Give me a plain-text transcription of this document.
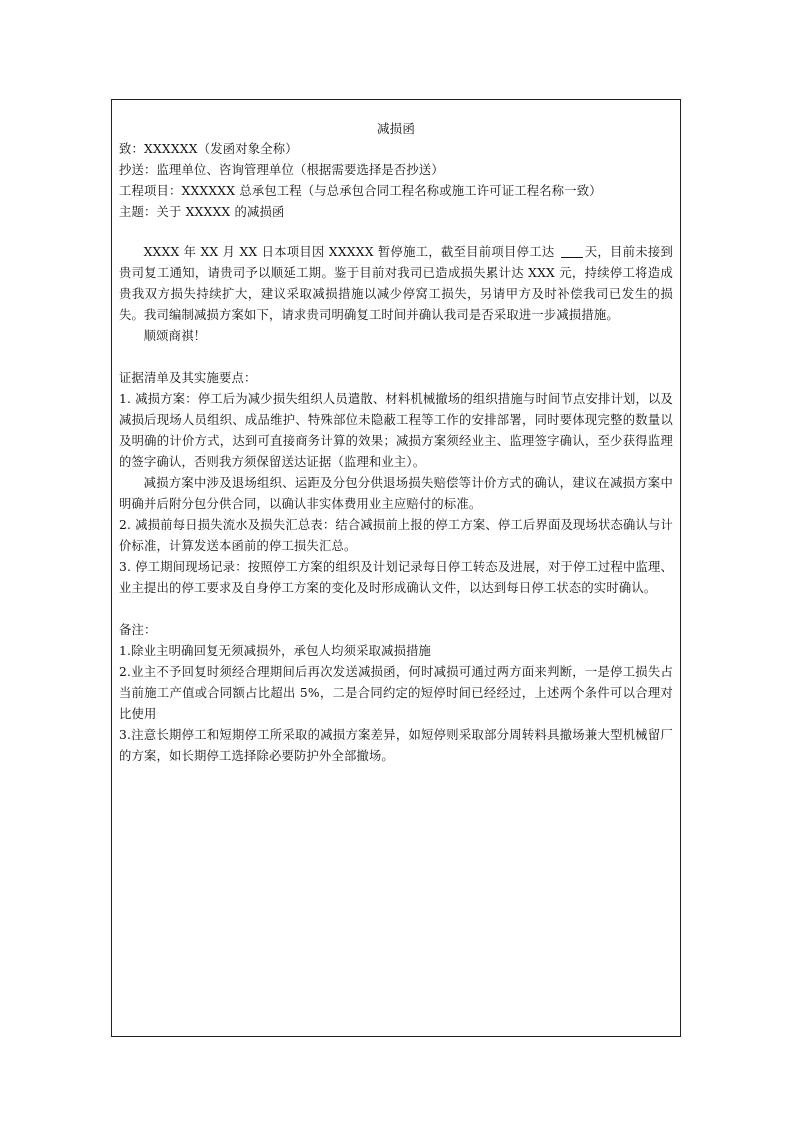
减损函

致：XXXXXX（发函对象全称）

抄送：监理单位、咨询管理单位（根据需要选择是否抄送）

工程项目：XXXXXX 总承包工程（与总承包合同工程名称或施工许可证工程名称一致）

主题：关于 XXXXX 的减损函

XXXX 年 XX 月 XX 日本项目因 XXXXX 暂停施工，截至目前项目停工达 天，目前未接到贵司复工通知，请贵司予以顺延工期。鉴于目前对我司已造成损失累计达 XXX 元，持续停工将造成贵我双方损失持续扩大，建议采取减损措施以减少停窝工损失，另请甲方及时补偿我司已发生的损失。我司编制减损方案如下，请求贵司明确复工时间并确认我司是否采取进一步减损措施。

顺颂商祺！

证据清单及其实施要点：

1. 减损方案：停工后为减少损失组织人员遣散、材料机械撤场的组织措施与时间节点安排计划，以及减损后现场人员组织、成品维护、特殊部位未隐蔽工程等工作的安排部署，同时要体现完整的数量以及明确的计价方式，达到可直接商务计算的效果；减损方案须经业主、监理签字确认，至少获得监理的签字确认，否则我方须保留送达证据（监理和业主）。

减损方案中涉及退场组织、运距及分包分供退场损失赔偿等计价方式的确认，建议在减损方案中明确并后附分包分供合同，以确认非实体费用业主应赔付的标准。

2. 减损前每日损失流水及损失汇总表：结合减损前上报的停工方案、停工后界面及现场状态确认与计价标准，计算发送本函前的停工损失汇总。

3. 停工期间现场记录：按照停工方案的组织及计划记录每日停工转态及进展，对于停工过程中监理、业主提出的停工要求及自身停工方案的变化及时形成确认文件，以达到每日停工状态的实时确认。

备注：

1.除业主明确回复无须减损外，承包人均须采取减损措施

2.业主不予回复时须经合理期间后再次发送减损函，何时减损可通过两方面来判断，一是停工损失占当前施工产值或合同额占比超出 5%，二是合同约定的短停时间已经经过，上述两个条件可以合理对比使用

3.注意长期停工和短期停工所采取的减损方案差异，如短停则采取部分周转料具撤场兼大型机械留厂的方案，如长期停工选择除必要防护外全部撤场。
